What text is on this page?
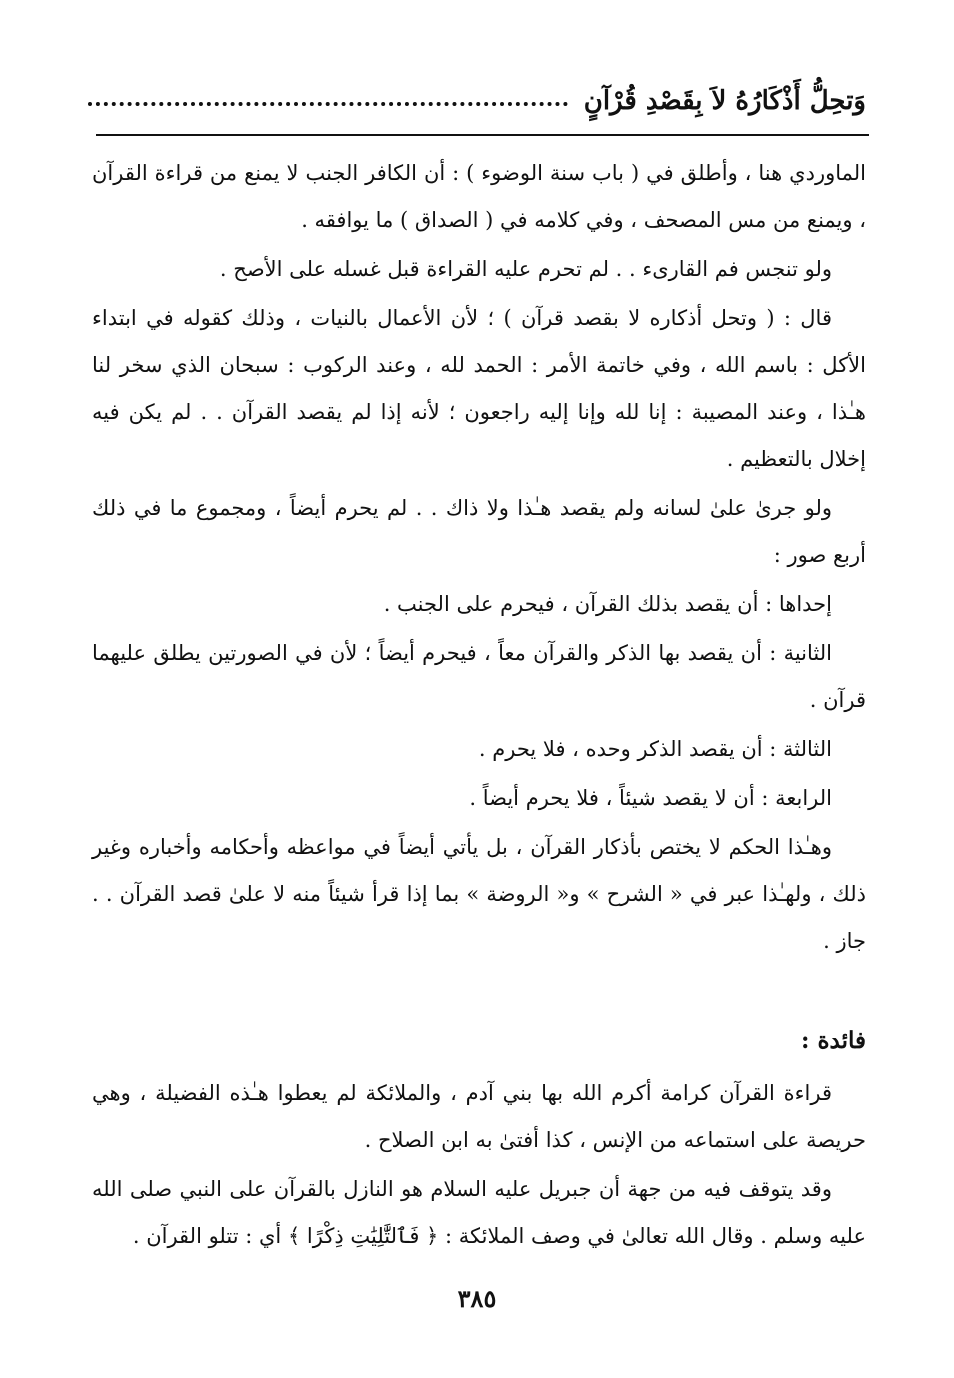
وَتحِلُّ أَذْكَارُهُ لاَ بِقَصْدِ قُرْآنٍ

الماوردي هنا ، وأطلق في ( باب سنة الوضوء ) : أن الكافر الجنب لا يمنع من قراءة القرآن ، ويمنع من مس المصحف ، وفي كلامه في ( الصداق ) ما يوافقه .

ولو تنجس فم القارىء . . لم تحرم عليه القراءة قبل غسله على الأصح .

قال : ( وتحل أذكاره لا بقصد قرآن ) ؛ لأن الأعمال بالنيات ، وذلك كقوله في ابتداء الأكل : باسم الله ، وفي خاتمة الأمر : الحمد لله ، وعند الركوب : سبحان الذي سخر لنا هـٰذا ، وعند المصيبة : إنا لله وإنا إليه راجعون ؛ لأنه إذا لم يقصد القرآن . . لم يكن فيه إخلال بالتعظيم .

ولو جرىٰ علىٰ لسانه ولم يقصد هـٰذا ولا ذاك . . لم يحرم أيضاً ، ومجموع ما في ذلك أربع صور :

إحداها : أن يقصد بذلك القرآن ، فيحرم على الجنب .

الثانية : أن يقصد بها الذكر والقرآن معاً ، فيحرم أيضاً ؛ لأن في الصورتين يطلق عليهما قرآن .

الثالثة : أن يقصد الذكر وحده ، فلا يحرم .

الرابعة : أن لا يقصد شيئاً ، فلا يحرم أيضاً .

وهـٰذا الحكم لا يختص بأذكار القرآن ، بل يأتي أيضاً في مواعظه وأحكامه وأخباره وغير ذلك ، ولهـٰذا عبر في « الشرح » و« الروضة » بما إذا قرأ شيئاً منه لا علىٰ قصد القرآن . . جاز .

فائدة :

قراءة القرآن كرامة أكرم الله بها بني آدم ، والملائكة لم يعطوا هـٰذه الفضيلة ، وهي حريصة على استماعه من الإنس ، كذا أفتىٰ به ابن الصلاح .

وقد يتوقف فيه من جهة أن جبريل عليه السلام هو النازل بالقرآن على النبي صلى الله عليه وسلم . وقال الله تعالىٰ في وصف الملائكة : ﴿ فَٱلتَّٰلِيَٰتِ ذِكْرًا ﴾ أي : تتلو القرآن .

٣٨٥
